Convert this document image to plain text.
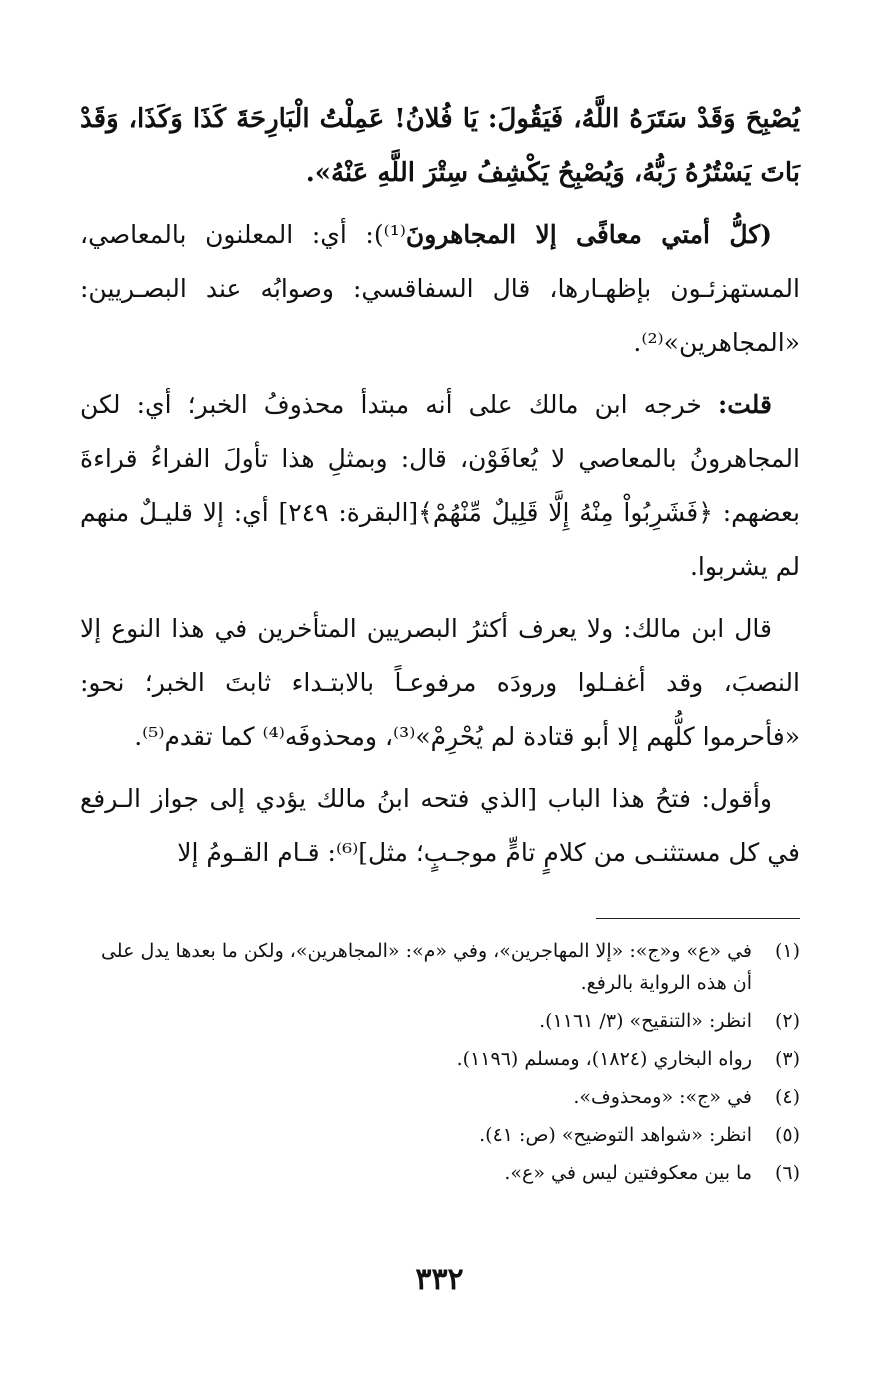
يُصْبِحَ وَقَدْ سَتَرَهُ اللَّهُ، فَيَقُولَ: يَا فُلانُ! عَمِلْتُ الْبَارِحَةَ كَذَا وَكَذَا، وَقَدْ بَاتَ يَسْتُرُهُ رَبُّهُ، وَيُصْبِحُ يَكْشِفُ سِتْرَ اللَّهِ عَنْهُ».

(كلُّ أمتي معافًى إلا المجاهرونَ⁽¹⁾): أي: المعلنون بالمعاصي، المستهزئـون بإظهـارها، قال السفاقسي: وصوابُه عند البصـريين: «المجاهرين»⁽²⁾.

قلت: خرجه ابن مالك على أنه مبتدأ محذوفُ الخبر؛ أي: لكن المجاهرونُ بالمعاصي لا يُعافَوْن، قال: وبمثلِ هذا تأولَ الفراءُ قراءةَ بعضهم: ﴿فَشَرِبُواْ مِنْهُ إِلَّا قَلِيلٌ مِّنْهُمْ﴾[البقرة: ٢٤٩] أي: إلا قليـلٌ منهم لم يشربوا.

قال ابن مالك: ولا يعرف أكثرُ البصريين المتأخرين في هذا النوع إلا النصبَ، وقد أغفـلوا ورودَه مرفوعـاً بالابتـداء ثابتَ الخبر؛ نحو: «فأحرموا كلُّهم إلا أبو قتادة لم يُحْرِمْ»⁽³⁾، ومحذوفَه⁽⁴⁾ كما تقدم⁽⁵⁾.

وأقول: فتحُ هذا الباب [الذي فتحه ابنُ مالك يؤدي إلى جواز الـرفع في كل مستثنـى من كلامٍ تامٍّ موجـبٍ؛ مثل]⁽⁶⁾: قـام القـومُ إلا

(١)
في «ع» و«ج»: «إلا المهاجرين»، وفي «م»: «المجاهرين»، ولكن ما بعدها يدل على أن هذه الرواية بالرفع.
(٢)
انظر: «التنقيح» (٣/ ١١٦١).
(٣)
رواه البخاري (١٨٢٤)، ومسلم (١١٩٦).
(٤)
في «ج»: «ومحذوف».
(٥)
انظر: «شواهد التوضيح» (ص: ٤١).
(٦)
ما بين معكوفتين ليس في «ع».
٣٣٢
